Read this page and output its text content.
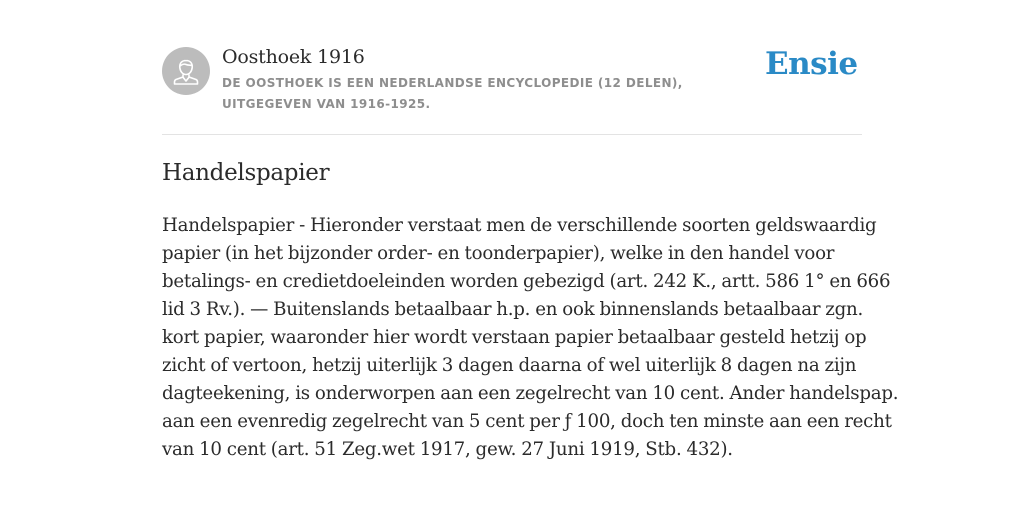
Oosthoek 1916
DE OOSTHOEK IS EEN NEDERLANDSE ENCYCLOPEDIE (12 DELEN), UITGEGEVEN VAN 1916-1925.
Ensie
Handelspapier
Handelspapier - Hieronder verstaat men de verschillende soorten geldswaardig
papier (in het bijzonder order- en toonderpapier), welke in den handel voor
betalings- en credietdoeleinden worden gebezigd (art. 242 K., artt. 586 1° en 666
lid 3 Rv.). — Buitenslands betaalbaar h.p. en ook binnenslands betaalbaar zgn.
kort papier, waaronder hier wordt verstaan papier betaalbaar gesteld hetzij op
zicht of vertoon, hetzij uiterlijk 3 dagen daarna of wel uiterlijk 8 dagen na zijn
dagteekening, is onderworpen aan een zegelrecht van 10 cent. Ander handelspap.
aan een evenredig zegelrecht van 5 cent per ƒ 100, doch ten minste aan een recht
van 10 cent (art. 51 Zeg.wet 1917, gew. 27 Juni 1919, Stb. 432).
